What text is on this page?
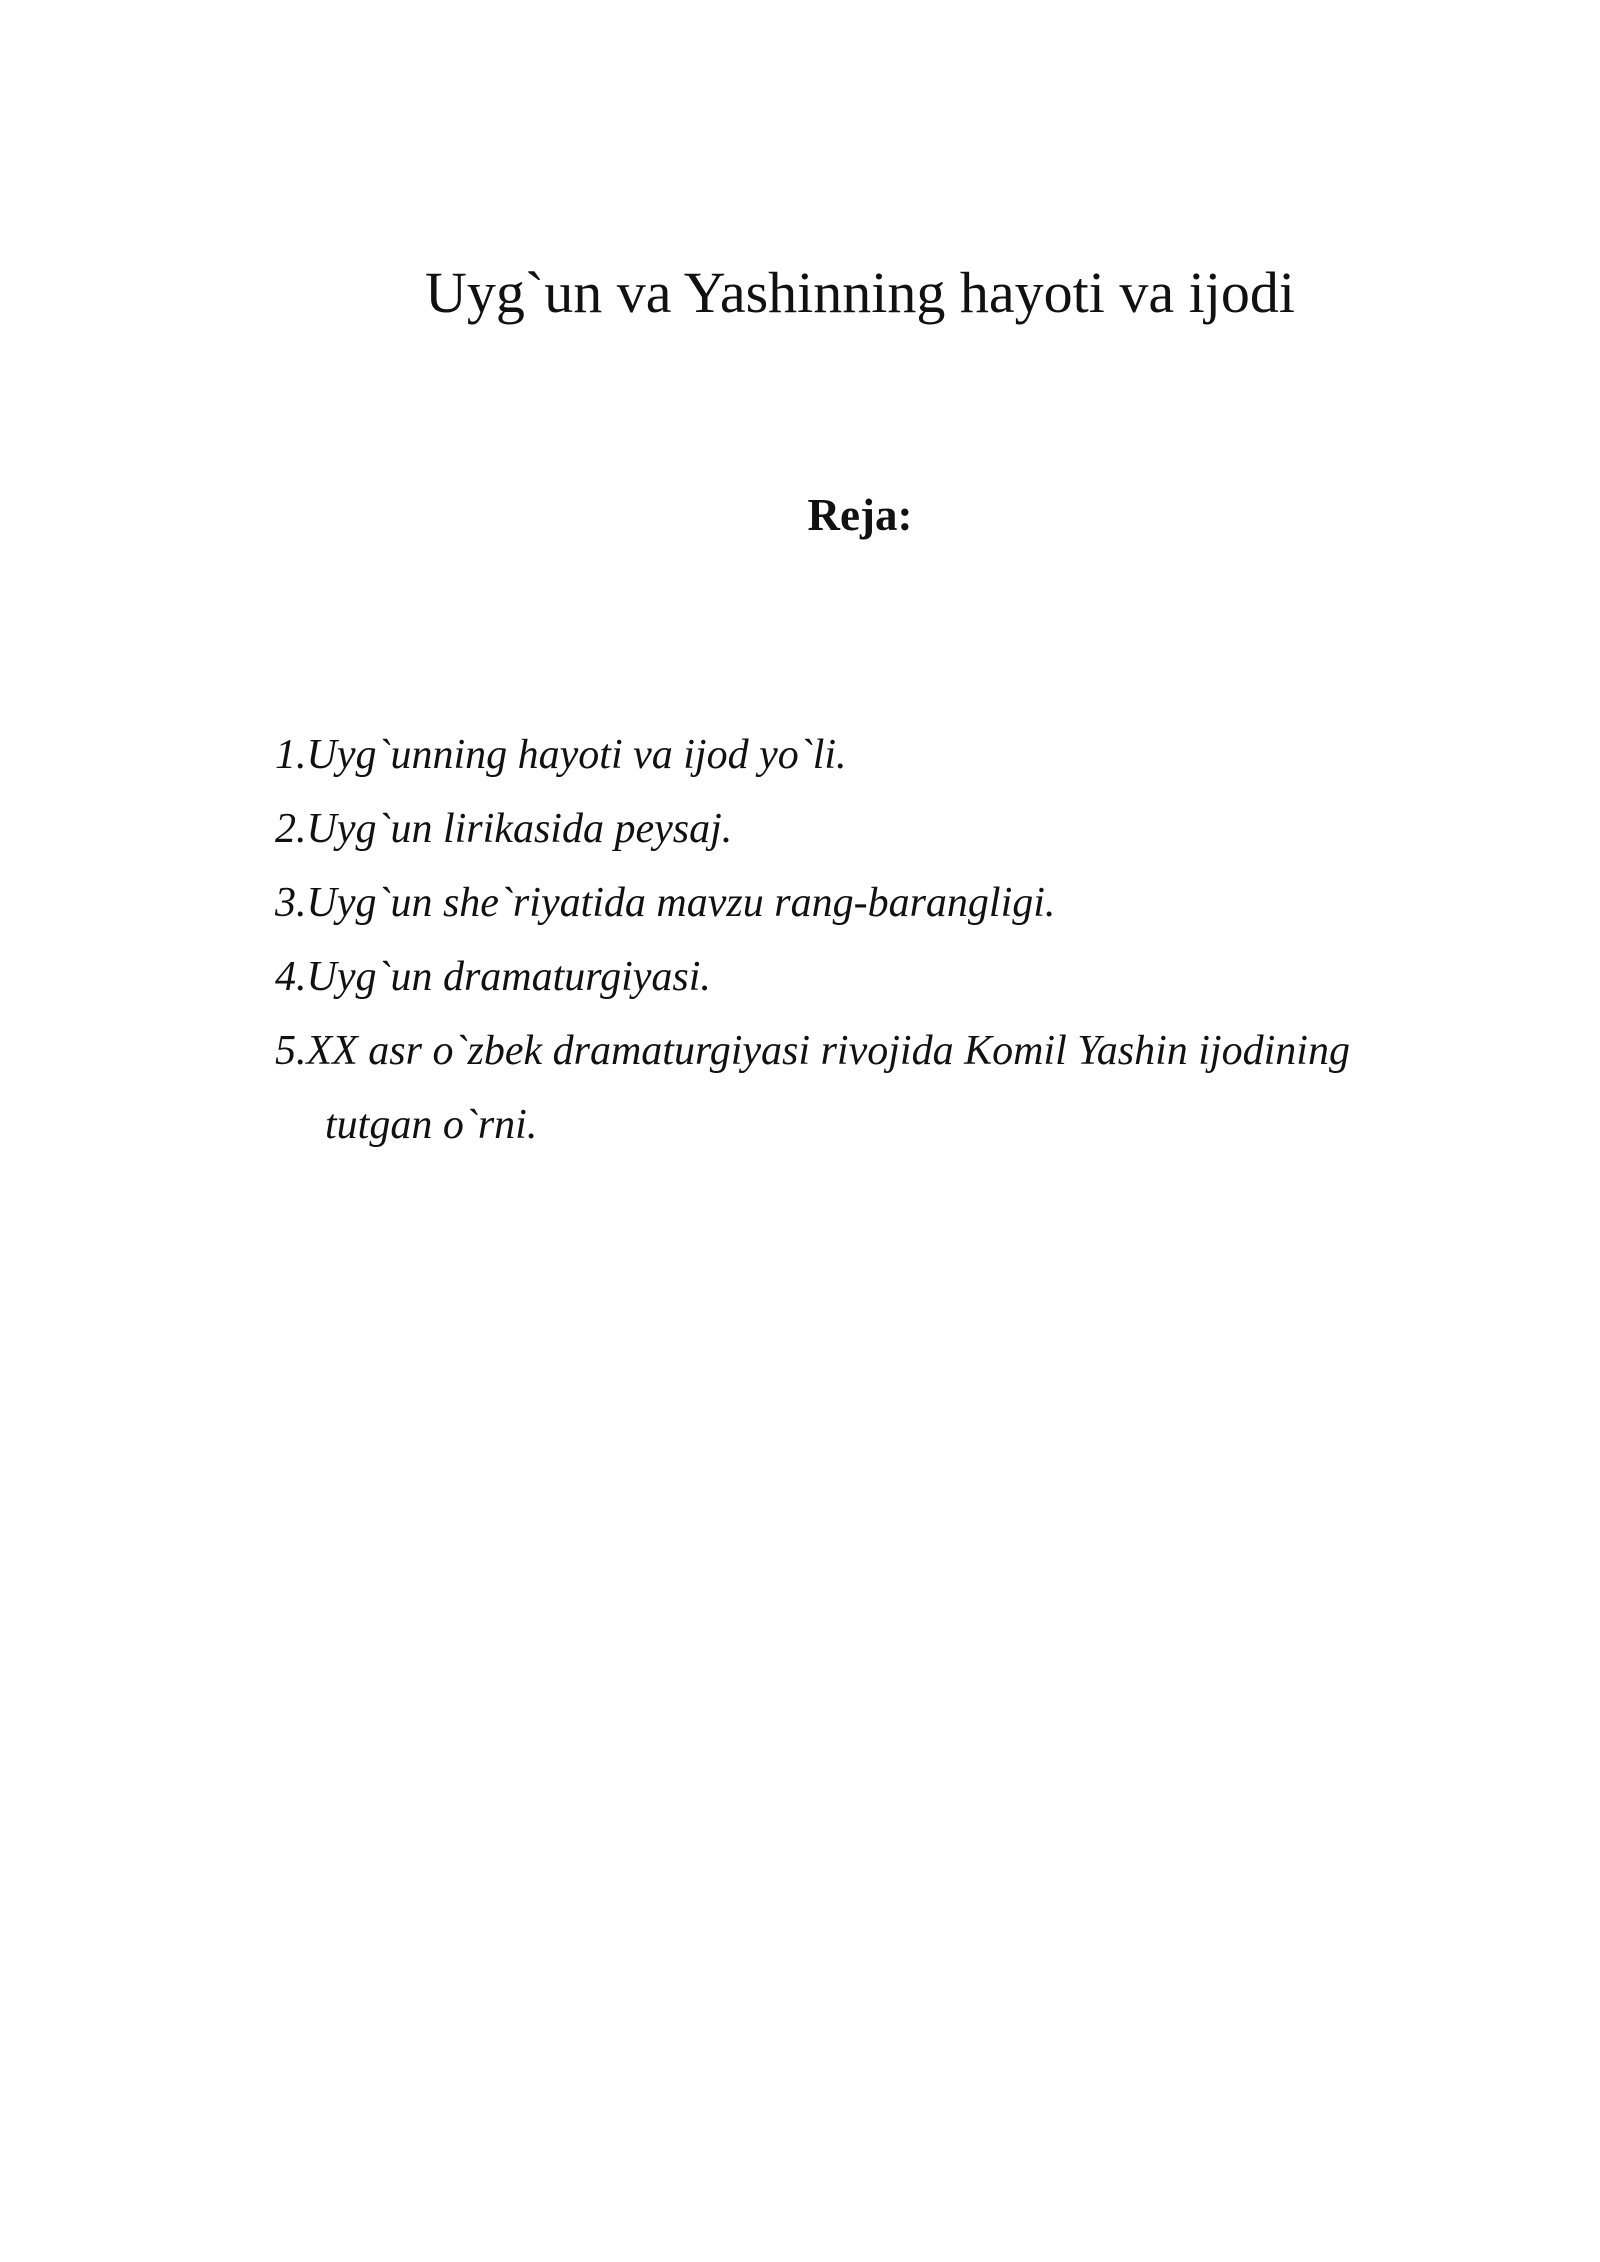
Uyg`un va Yashinning hayoti va ijodi
Reja:
1.Uyg`unning hayoti va ijod yo`li.
2.Uyg`un lirikasida peysaj.
3.Uyg`un she`riyatida mavzu rang-barangligi.
4.Uyg`un dramaturgiyasi.
5.XX asr o`zbek dramaturgiyasi rivojida Komil Yashin ijodining tutgan o`rni.
